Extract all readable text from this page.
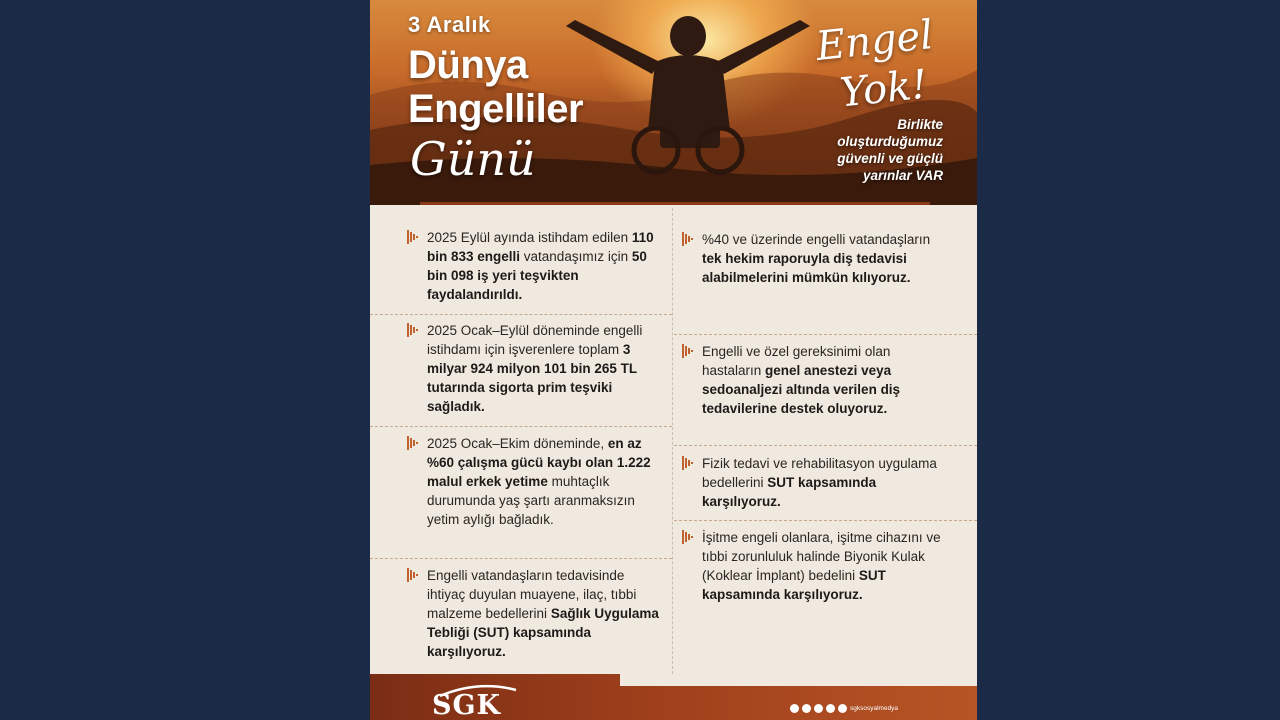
3 Aralık
Dünya
Engelliler
Günü
Engel
Yok!
Birlikte oluşturduğumuz güvenli ve güçlü yarınlar VAR
2025 Eylül ayında istihdam edilen 110 bin 833 engelli vatandaşımız için 50 bin 098 iş yeri teşvikten faydalandırıldı.
2025 Ocak–Eylül döneminde engelli istihdamı için işverenlere toplam 3 milyar 924 milyon 101 bin 265 TL tutarında sigorta prim teşviki sağladık.
2025 Ocak–Ekim döneminde, en az %60 çalışma gücü kaybı olan 1.222 malul erkek yetime muhtaçlık durumunda yaş şartı aranmaksızın yetim aylığı bağladık.
Engelli vatandaşların tedavisinde ihtiyaç duyulan muayene, ilaç, tıbbi malzeme bedellerini Sağlık Uygulama Tebliği (SUT) kapsamında karşılıyoruz.
%40 ve üzerinde engelli vatandaşların tek hekim raporuyla diş tedavisi alabilmelerini mümkün kılıyoruz.
Engelli ve özel gereksinimi olan hastaların genel anestezi veya sedoanaljezi altında verilen diş tedavilerine destek oluyoruz.
Fizik tedavi ve rehabilitasyon uygulama bedellerini SUT kapsamında karşılıyoruz.
İşitme engeli olanlara, işitme cihazını ve tıbbi zorunluluk halinde Biyonik Kulak (Koklear İmplant) bedelini SUT kapsamında karşılıyoruz.
SGK	sgksosyalmedya
